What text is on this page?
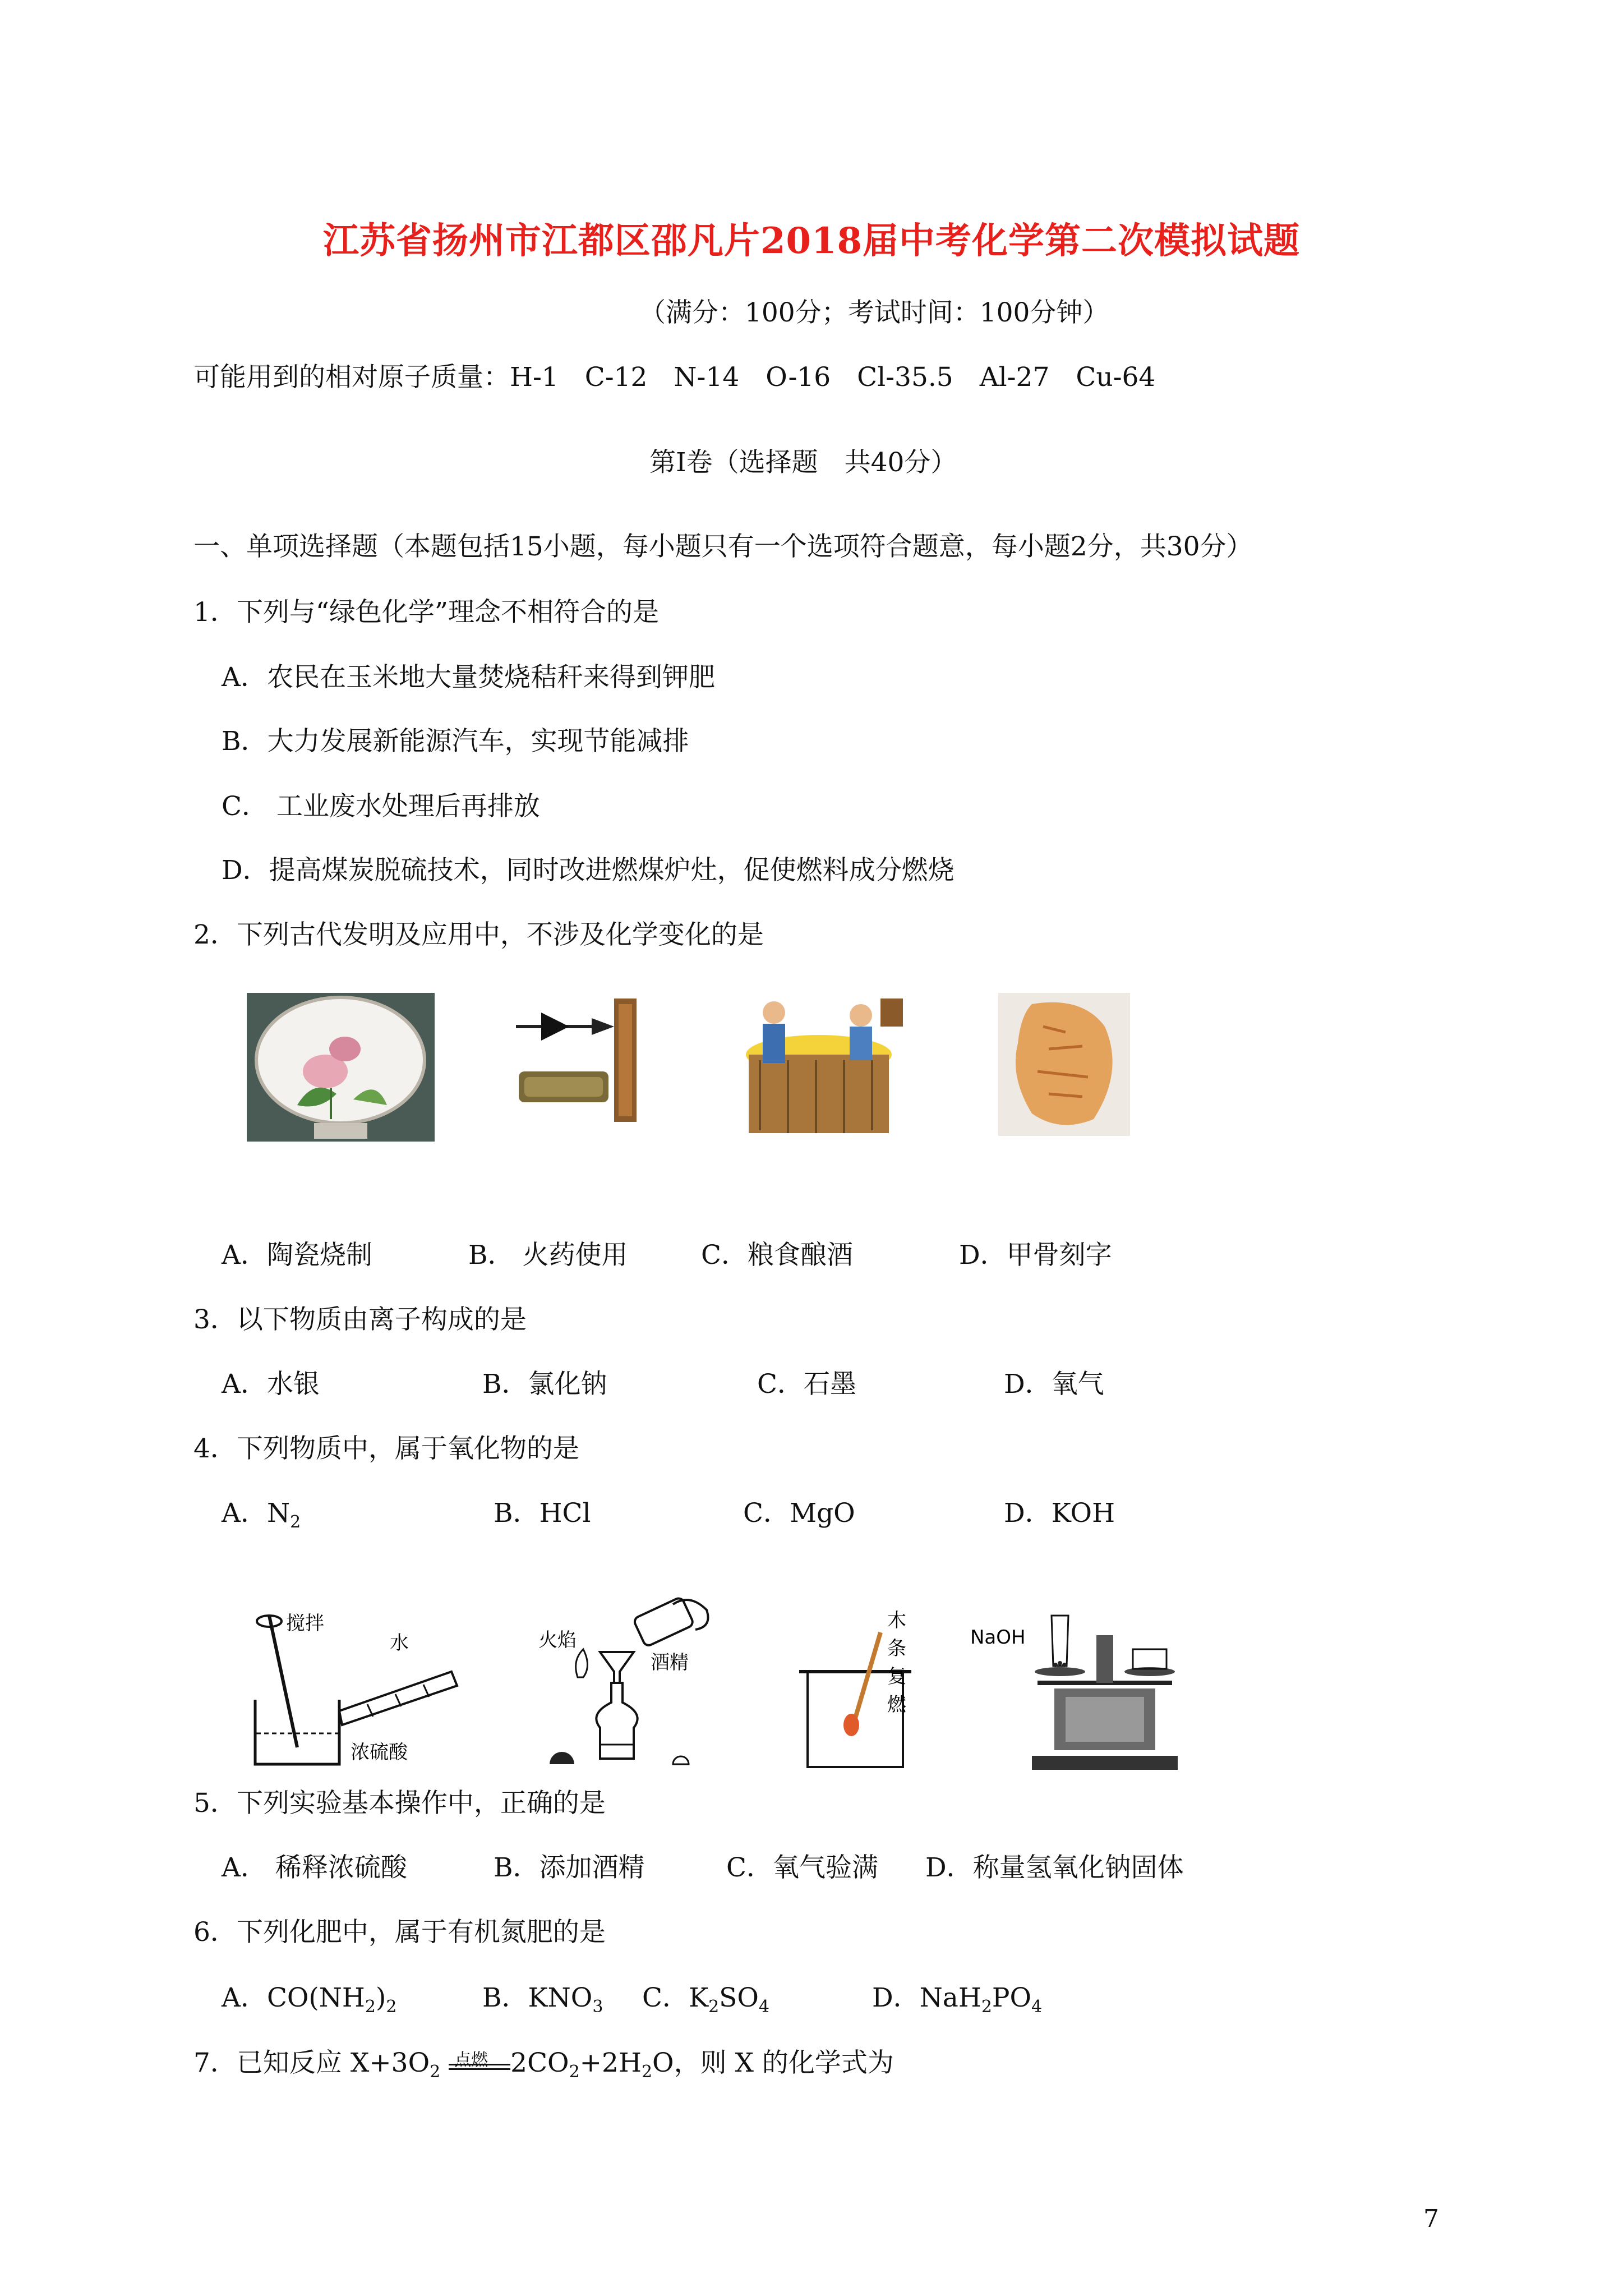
江苏省扬州市江都区邵凡片2018届中考化学第二次模拟试题
（满分：100分；考试时间：100分钟）
可能用到的相对原子质量：H-1　C-12　N-14　O-16　Cl-35.5　Al-27　Cu-64
第Ⅰ卷（选择题　共40分）
一、单项选择题（本题包括15小题，每小题只有一个选项符合题意，每小题2分，共30分）
1．下列与“绿色化学”理念不相符合的是
A．农民在玉米地大量焚烧秸秆来得到钾肥
B．大力发展新能源汽车，实现节能减排
C． 工业废水处理后再排放
D．提高煤炭脱硫技术，同时改进燃煤炉灶，促使燃料成分燃烧
2．下列古代发明及应用中，不涉及化学变化的是
A．陶瓷烧制	B． 火药使用	C．粮食酿酒	D．甲骨刻字
3．以下物质由离子构成的是
A．水银	B．氯化钠	C．石墨	D．氧气
4．下列物质中，属于氧化物的是
A．$N_2$	B．HCl	C．MgO	D．KOH
搅拌
水
浓硫酸
火焰
酒精
木
条
复
燃
NaOH
5．下列实验基本操作中，正确的是
A． 稀释浓硫酸	B．添加酒精	C．氧气验满 D．称量氢氧化钠固体
6．下列化肥中，属于有机氮肥的是
A．$CO(NH_2)_2$	B．$KNO_3$ C．$K_2SO_4$	D．$NaH_2PO_4$
7．已知反应 $X+3O_2$
点燃 $2CO_2+2H_2O$，则 X 的化学式为
7
